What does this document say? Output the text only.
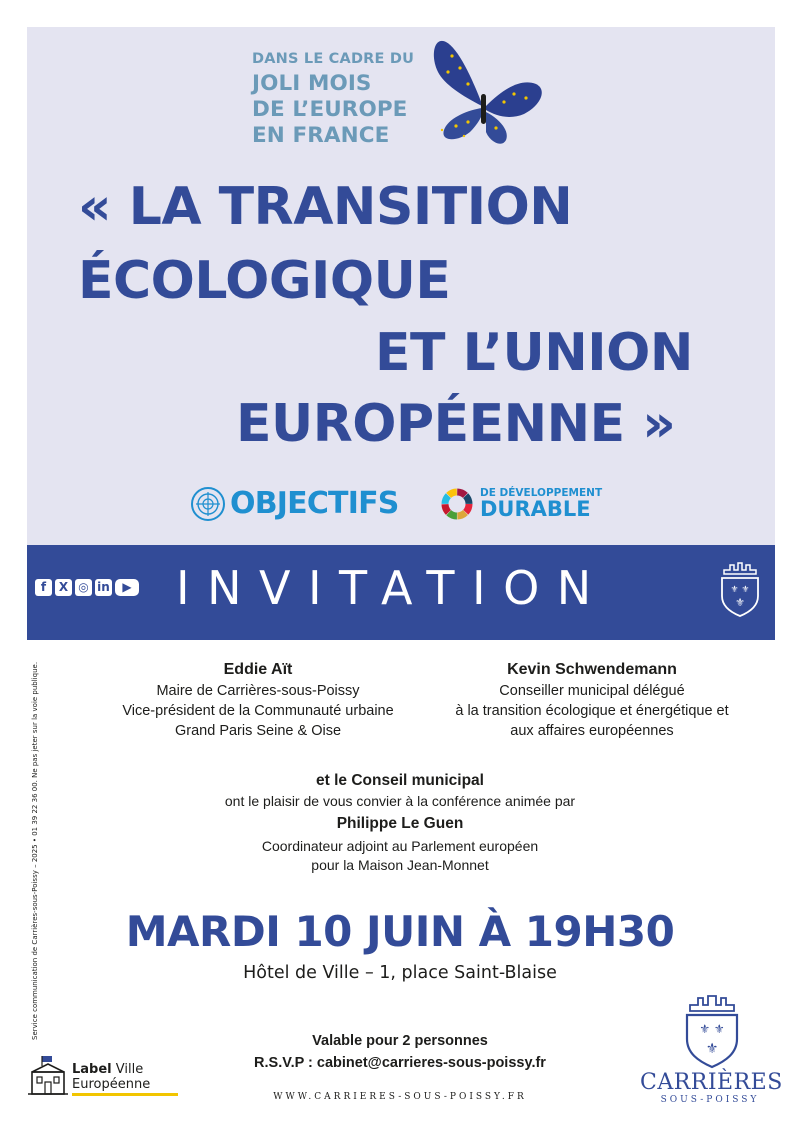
DANS LE CADRE DU
JOLI MOIS
DE L’EUROPE
EN FRANCE
« LA TRANSITION
ÉCOLOGIQUE
ET L’UNION
EUROPÉENNE »
OBJECTIFS	DE DÉVELOPPEMENT
DURABLE
f	X ◎ in	▶ INVITATION	⚜ ⚜
⚜
Service communication de Carrières-sous-Poissy – 2025 • 01 39 22 36 00. Ne pas jeter sur la voie publique.	Eddie Aït
Maire de Carrières-sous-Poissy
Vice-président de la Communauté urbaine
Grand Paris Seine & Oise
Kevin Schwendemann
Conseiller municipal délégué
à la transition écologique et énergétique et
aux affaires européennes
et le Conseil municipal
ont le plaisir de vous convier à la conférence animée par
Philippe Le Guen
Coordinateur adjoint au Parlement européen
pour la Maison Jean-Monnet
MARDI 10 JUIN À 19H30
Hôtel de Ville – 1, place Saint-Blaise
Valable pour 2 personnes
R.S.V.P : cabinet@carrieres-sous-poissy.fr
WWW.CARRIERES-SOUS-POISSY.FR
Label Ville
Européenne
⚜ ⚜
⚜
CARRIÈRES
SOUS-POISSY
